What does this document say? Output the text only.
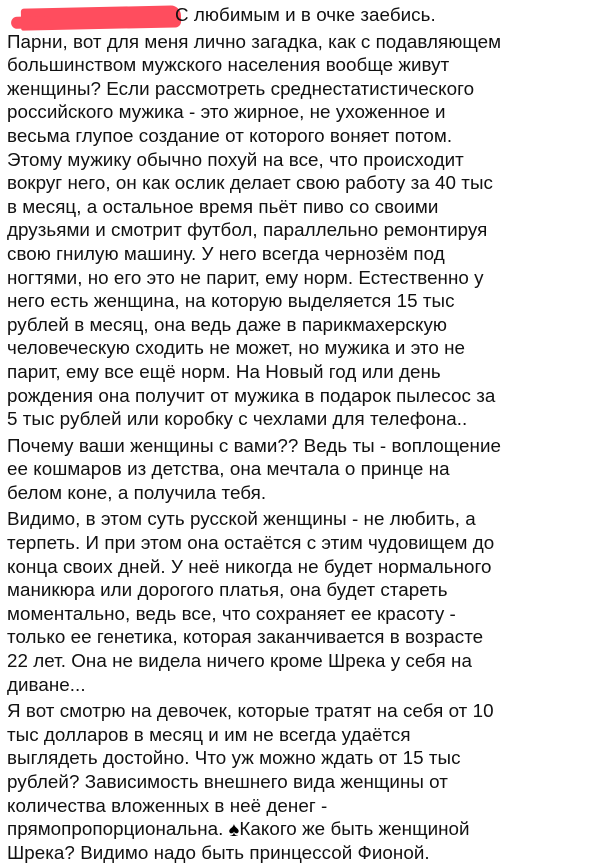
С любимым и в очке заебись.

Парни, вот для меня лично загадка, как с подавляющем
большинством мужского населения вообще живут
женщины? Если рассмотреть среднестатистического
российского мужика - это жирное, не ухоженное и
весьма глупое создание от которого воняет потом.
Этому мужику обычно похуй на все, что происходит
вокруг него, он как ослик делает свою работу за 40 тыс
в месяц, а остальное время пьёт пиво со своими
друзьями и смотрит футбол, параллельно ремонтируя
свою гнилую машину. У него всегда чернозём под
ногтями, но его это не парит, ему норм. Естественно у
него есть женщина, на которую выделяется 15 тыс
рублей в месяц, она ведь даже в парикмахерскую
человеческую сходить не может, но мужика и это не
парит, ему все ещё норм. На Новый год или день
рождения она получит от мужика в подарок пылесос за
5 тыс рублей или коробку с чехлами для телефона..

Почему ваши женщины с вами?? Ведь ты - воплощение
ее кошмаров из детства, она мечтала о принце на
белом коне, а получила тебя.

Видимо, в этом суть русской женщины - не любить, а
терпеть. И при этом она остаётся с этим чудовищем до
конца своих дней. У неё никогда не будет нормального
маникюра или дорогого платья, она будет стареть
моментально, ведь все, что сохраняет ее красоту -
только ее генетика, которая заканчивается в возрасте
22 лет. Она не видела ничего кроме Шрека у себя на
диване...

Я вот смотрю на девочек, которые тратят на себя от 10
тыс долларов в месяц и им не всегда удаётся
выглядеть достойно. Что уж можно ждать от 15 тыс
рублей? Зависимость внешнего вида женщины от
количества вложенных в неё денег -
прямопропорциональна. ♠Какого же быть женщиной
Шрека? Видимо надо быть принцессой Фионой.
